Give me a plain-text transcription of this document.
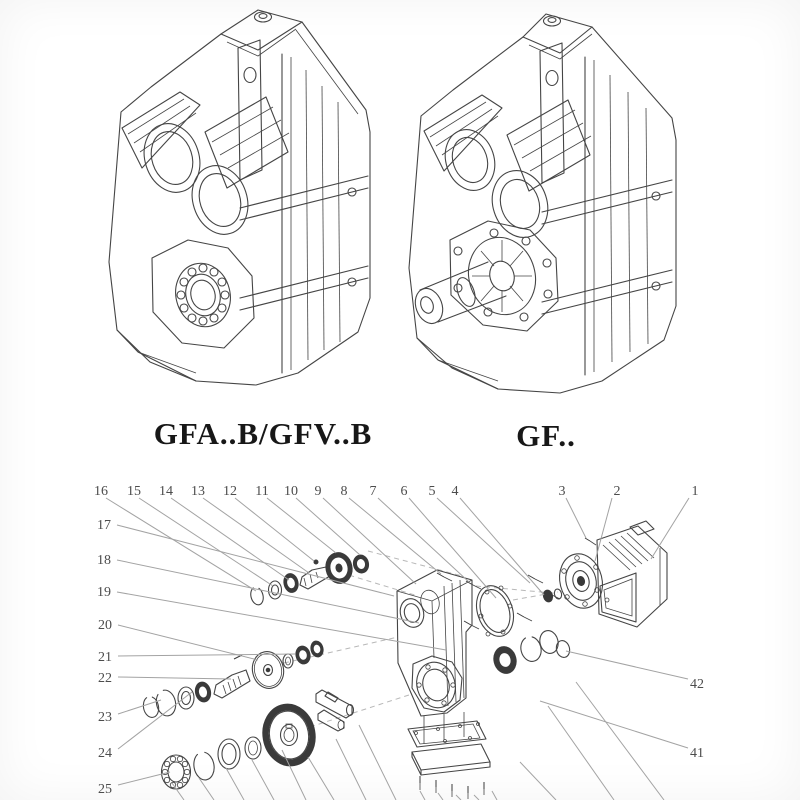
1
2
3
4
5
6
7
8
9
10
11
12
13
14
15
16
17
18
19
20
21
22
23
24
25
42
41
GFA..B/GFV..B	GF..
